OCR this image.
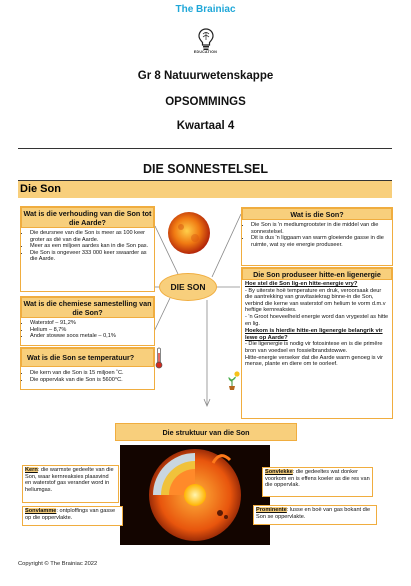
The Brainiac
EDUCATION
Gr 8 Natuurwetenskappe
OPSOMMINGS
Kwartaal 4
DIE SONNESTELSEL
Die Son
DIE SON
Wat is die verhouding van die Son tot die Aarde?
• Die deursnee van die Son is meer as 100 keer groter as dié van die Aarde.
• Meer as een miljoen aardes kan in die Son pas.
• Die Son is ongeveer 333 000 keer swaarder as die Aarde.
Wat is die chemiese samestelling van die Son?
• Waterstof – 91,2%
• Helium – 8,7%
• Ander stowwe soos metale – 0,1%
Wat is die Son se temperatuur?
• Die kern van die Son is 15 miljoen ˚C.
• Die oppervlak van die Son is 5600°C.
Wat is die Son?
• Die Son is 'n mediumgrootster in die middel van die sonnestelsel.
• Dit is dus 'n liggaam van warm gloeiende gasse in die ruimte, wat sy eie energie produseer.
Die Son produseer hitte-en ligenergie
Hoe stel die Son lig-en hitte-energie vry?
- By uiterste hoë temperature en druk, veroorsaak deur die aantrekking van gravitasiekrag binne-in die Son, verbind die kerne van waterstof om helium te vorm d.m.v heftige kernreaksies.
- 'n Groot hoeveelheid energie word dan vrygestel as hitte en lig.
Hoekom is hierdie hitte-en ligenergie belangrik vir lewe op Aarde?
- Die ligenergie is nodig vir fotosintese en is die primêre bron van voedsel en fossielbrandstowwe.
Hitte-energie verseker dat die Aarde warm genoeg is vir mense, plante en diere om te oorleef.
Die struktuur van die Son
Kern: die warmste gedeelte van die Son, waar kernreaksies plaasvind en waterstof gas verander word in heliumgas.
Sonvlamme: ontploffings van gasse op die oppervlakte.
Sonvlekke: die gedeeltes wat donker voorkom en is effens koeler as die res van die oppervlak.
Prominente: lusse en boë van gas bokant die Son se oppervlakte.
Copyright © The Brainiac 2022
